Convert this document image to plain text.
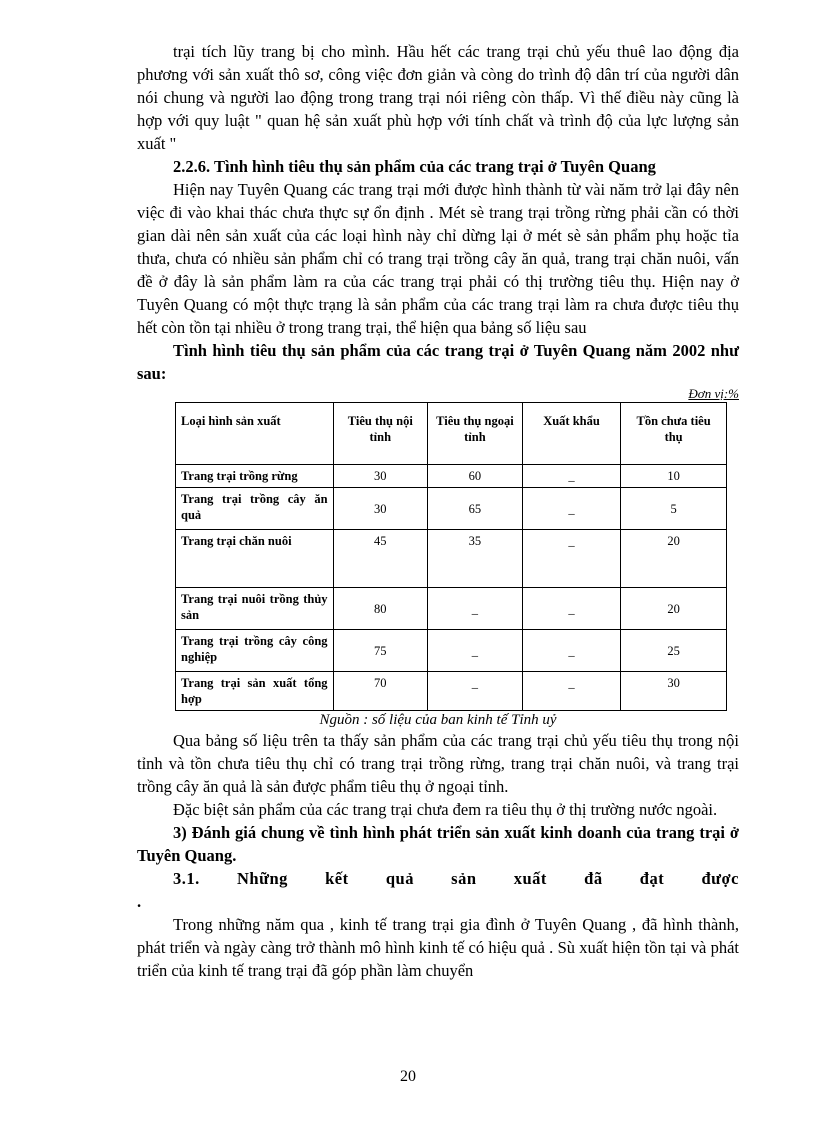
trại tích lũy trang bị cho mình. Hầu hết các trang trại chủ yếu thuê lao động địa phương với sản xuất thô sơ, công việc đơn giản và còng do trình độ dân trí của người dân nói chung và người lao động trong trang trại nói riêng còn thấp. Vì thế điều này cũng là hợp với quy luật " quan hệ sản xuất phù hợp với tính chất và trình độ của lực lượng sản xuất "

2.2.6. Tình hình tiêu thụ sản phẩm của các trang trại ở Tuyên Quang

Hiện nay Tuyên Quang các trang trại mới được hình thành từ vài năm trở lại đây nên việc đi vào khai thác chưa thực sự ổn định . Mét sè trang trại trồng rừng phải cần có thời gian dài nên sản xuất của các loại hình này chỉ dừng lại ở mét sè sản phẩm phụ hoặc tỉa thưa, chưa có nhiều sản phẩm chỉ có trang trại trồng cây ăn quả, trang trại chăn nuôi, vấn đề ở đây là sản phẩm làm ra của các trang trại phải có thị trường tiêu thụ. Hiện nay ở Tuyên Quang có một thực trạng là sản phẩm của các trang trại làm ra chưa được tiêu thụ hết còn tồn tại nhiều ở trong trang trại, thể hiện qua bảng số liệu sau

Tình hình tiêu thụ sản phẩm của các trang trại ở Tuyên Quang năm 2002 như sau:

Đơn vị:%

Loại hình sản xuất	Tiêu thụ nội tỉnh	Tiêu thụ ngoại tỉnh	Xuất khẩu	Tồn chưa tiêu thụ
Trang trại trồng rừng	30	60	_	10
Trang trại trồng cây ăn quả	30	65	_	5
Trang trại chăn nuôi	45	35	_	20
Trang trại nuôi trồng thủy sản	80	_	_	20
Trang trại trồng cây công nghiệp	75	_	_	25
Trang trại sản xuất tổng hợp	70	_	_	30

Nguồn : số liệu của ban kinh tế Tỉnh uỷ

Qua bảng số liệu trên ta thấy sản phẩm của các trang trại chủ yếu tiêu thụ trong nội tỉnh và tồn chưa tiêu thụ chỉ có trang trại trồng rừng, trang trại chăn nuôi, và trang trại trồng cây ăn quả là sản được phẩm tiêu thụ ở ngoại tỉnh.

Đặc biệt sản phẩm của các trang trại chưa đem ra tiêu thụ ở thị trường nước ngoài.

3) Đánh giá chung về tình hình phát triển sản xuất kinh doanh của trang trại ở Tuyên Quang.

3.1. Những kết quả sản xuất đã đạt được .

Trong những năm qua , kinh tế trang trại gia đình ở Tuyên Quang , đã hình thành, phát triển và ngày càng trở thành mô hình kinh tế có hiệu quả . Sù xuất hiện tồn tại và phát triển của kinh tế trang trại đã góp phần làm chuyển

20
